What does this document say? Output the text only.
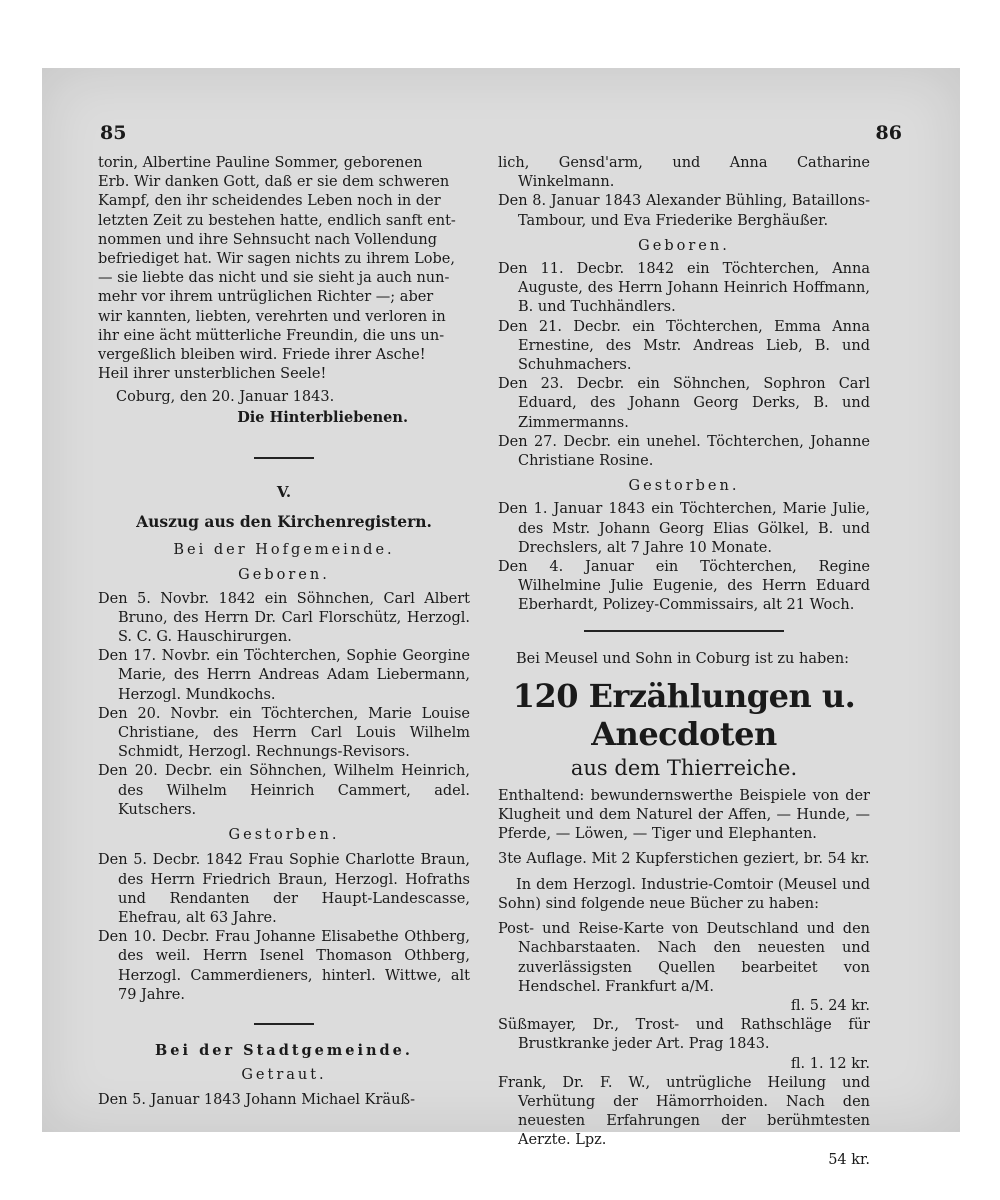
85	86
torin, Albertine Pauline Sommer, geborenen
Erb. Wir danken Gott, daß er sie dem schweren
Kampf, den ihr scheidendes Leben noch in der
letzten Zeit zu bestehen hatte, endlich sanft ent-
nommen und ihre Sehnsucht nach Vollendung
befriediget hat. Wir sagen nichts zu ihrem Lobe,
— sie liebte das nicht und sie sieht ja auch nun-
mehr vor ihrem untrüglichen Richter —; aber
wir kannten, liebten, verehrten und verloren in
ihr eine ächt mütterliche Freundin, die uns un-
vergeßlich bleiben wird. Friede ihrer Asche!
Heil ihrer unsterblichen Seele!
Coburg, den 20. Januar 1843.
Die Hinterbliebenen.
V.
Auszug aus den Kirchenregistern.
Bei der Hofgemeinde.
Geboren.
Den 5. Novbr. 1842 ein Söhnchen, Carl Albert Bruno, des Herrn Dr. Carl Florschütz, Herzogl. S. C. G. Hauschirurgen.
Den 17. Novbr. ein Töchterchen, Sophie Georgine Marie, des Herrn Andreas Adam Liebermann, Herzogl. Mundkochs.
Den 20. Novbr. ein Töchterchen, Marie Louise Christiane, des Herrn Carl Louis Wilhelm Schmidt, Herzogl. Rechnungs-Revisors.
Den 20. Decbr. ein Söhnchen, Wilhelm Heinrich, des Wilhelm Heinrich Cammert, adel. Kutschers.
Gestorben.
Den 5. Decbr. 1842 Frau Sophie Charlotte Braun, des Herrn Friedrich Braun, Herzogl. Hofraths und Rendanten der Haupt-Landescasse, Ehefrau, alt 63 Jahre.
Den 10. Decbr. Frau Johanne Elisabethe Othberg, des weil. Herrn Isenel Thomason Othberg, Herzogl. Cammerdieners, hinterl. Wittwe, alt 79 Jahre.
Bei der Stadtgemeinde.
Getraut.
Den 5. Januar 1843 Johann Michael Kräuß-
lich, Gensd'arm, und Anna Catharine Winkelmann.
Den 8. Januar 1843 Alexander Bühling, Bataillons-Tambour, und Eva Friederike Berghäußer.
Geboren.
Den 11. Decbr. 1842 ein Töchterchen, Anna Auguste, des Herrn Johann Heinrich Hoffmann, B. und Tuchhändlers.
Den 21. Decbr. ein Töchterchen, Emma Anna Ernestine, des Mstr. Andreas Lieb, B. und Schuhmachers.
Den 23. Decbr. ein Söhnchen, Sophron Carl Eduard, des Johann Georg Derks, B. und Zimmermanns.
Den 27. Decbr. ein unehel. Töchterchen, Johanne Christiane Rosine.
Gestorben.
Den 1. Januar 1843 ein Töchterchen, Marie Julie, des Mstr. Johann Georg Elias Gölkel, B. und Drechslers, alt 7 Jahre 10 Monate.
Den 4. Januar ein Töchterchen, Regine Wilhelmine Julie Eugenie, des Herrn Eduard Eberhardt, Polizey-Commissairs, alt 21 Woch.
Bei Meusel und Sohn in Coburg ist zu haben:
120 Erzählungen u. Anecdoten
aus dem Thierreiche.
Enthaltend: bewundernswerthe Beispiele von der Klugheit und dem Naturel der Affen, — Hunde, — Pferde, — Löwen, — Tiger und Elephanten.
3te Auflage. Mit 2 Kupferstichen geziert, br. 54 kr.
In dem Herzogl. Industrie-Comtoir (Meusel und Sohn) sind folgende neue Bücher zu haben:
Post- und Reise-Karte von Deutschland und den Nachbarstaaten. Nach den neuesten und zuverlässigsten Quellen bearbeitet von Hendschel. Frankfurt a/M.
fl. 5. 24 kr.
Süßmayer, Dr., Trost- und Rathschläge für Brustkranke jeder Art. Prag 1843.
fl. 1. 12 kr.
Frank, Dr. F. W., untrügliche Heilung und Verhütung der Hämorrhoiden. Nach den neuesten Erfahrungen der berühmtesten Aerzte. Lpz.
54 kr.
